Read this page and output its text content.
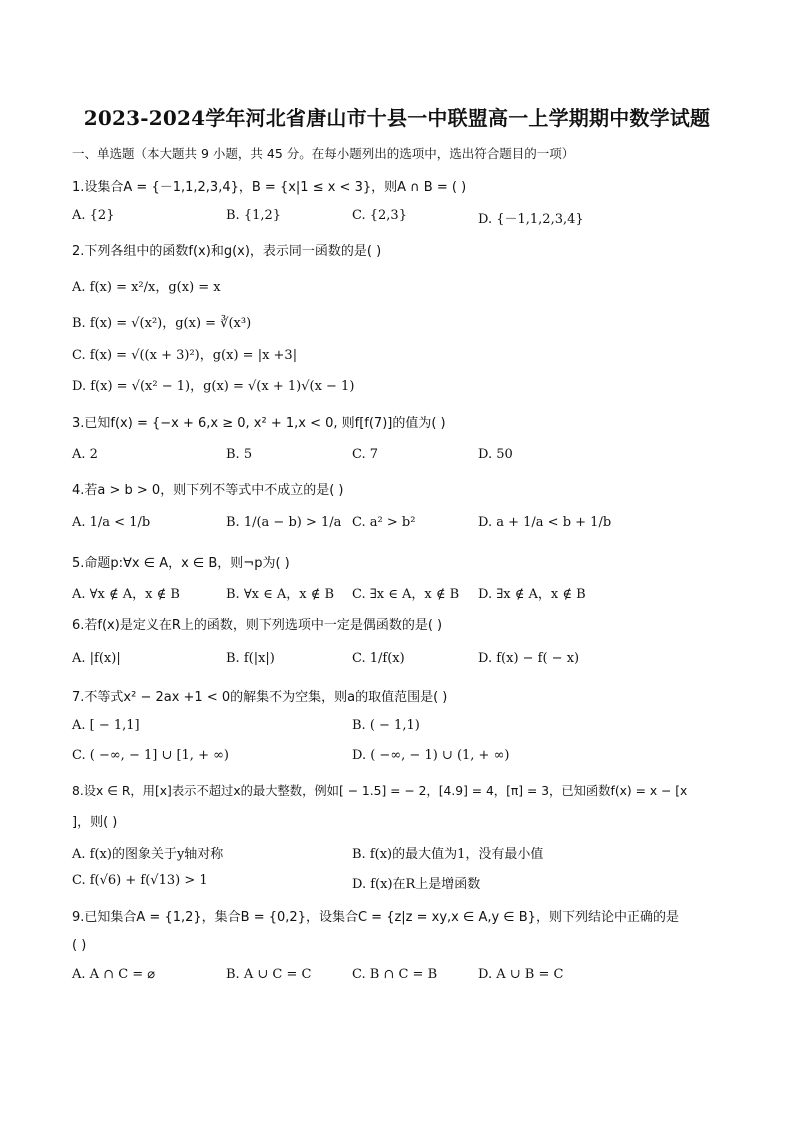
2023-2024学年河北省唐山市十县一中联盟高一上学期期中数学试题
一、单选题（本大题共 9 小题，共 45 分。在每小题列出的选项中，选出符合题目的一项）
1.设集合A = {－1,1,2,3,4}，B = {x|1 ≤ x < 3}，则A ∩ B = ( )
A. {2}	B. {1,2}	C. {2,3}	D. {－1,1,2,3,4}
2.下列各组中的函数f(x)和g(x)，表示同一函数的是( )
A. f(x) = x²/x，g(x) = x
B. f(x) = √(x²)，g(x) = ∛(x³)
C. f(x) = √((x + 3)²)，g(x) = |x +3|
D. f(x) = √(x² − 1)，g(x) = √(x + 1)√(x − 1)
3.已知f(x) = {−x + 6,x ≥ 0, x² + 1,x < 0, 则f[f(7)]的值为( )
A. 2	B. 5	C. 7	D. 50
4.若a > b > 0，则下列不等式中不成立的是( )
A. 1/a < 1/b	B. 1/(a − b) > 1/a C. a² > b²	D. a + 1/a < b + 1/b
5.命题p:∀x ∈ A，x ∈ B，则¬p为( )
A. ∀x ∉ A，x ∉ B	B. ∀x ∈ A，x ∉ B C. ∃x ∈ A，x ∉ B D. ∃x ∉ A，x ∉ B
6.若f(x)是定义在R上的函数，则下列选项中一定是偶函数的是( )
A. |f(x)|	B. f(|x|)	C. 1/f(x)	D. f(x) − f( − x)
7.不等式x² − 2ax +1 < 0的解集不为空集，则a的取值范围是( )
A. [ − 1,1]	B. ( − 1,1)
C. ( −∞, − 1] ∪ [1, + ∞)	D. ( −∞, − 1) ∪ (1, + ∞)
8.设x ∈ R，用[x]表示不超过x的最大整数，例如[ − 1.5] = − 2，[4.9] = 4，[π] = 3，已知函数f(x) = x − [x
]，则( )
A. f(x)的图象关于y轴对称	B. f(x)的最大值为1，没有最小值
C. f(√6) + f(√13) > 1	D. f(x)在R上是增函数
9.已知集合A = {1,2}，集合B = {0,2}，设集合C = {z|z = xy,x ∈ A,y ∈ B}，则下列结论中正确的是
( )
A. A ∩ C = ⌀	B. A ∪ C = C	C. B ∩ C = B	D. A ∪ B = C
